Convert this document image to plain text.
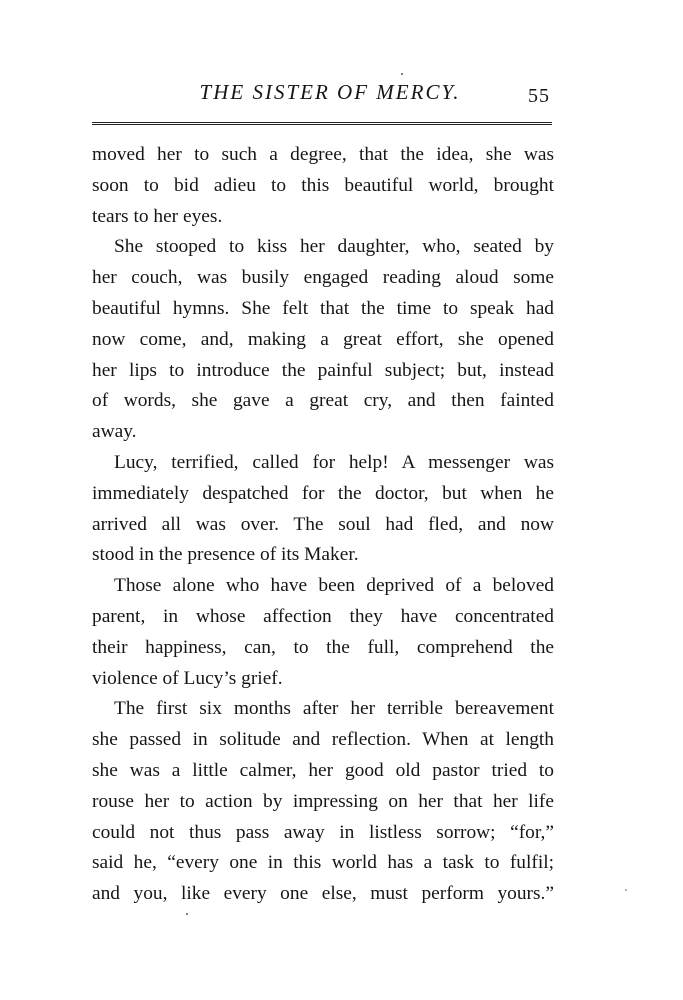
THE SISTER OF MERCY.	55

moved her to such a degree, that the idea, she was
soon to bid adieu to this beautiful world, brought
tears to her eyes.

She stooped to kiss her daughter, who, seated by
her couch, was busily engaged reading aloud some
beautiful hymns. She felt that the time to speak had
now come, and, making a great effort, she opened
her lips to introduce the painful subject; but, instead
of words, she gave a great cry, and then fainted
away.

Lucy, terrified, called for help! A messenger was
immediately despatched for the doctor, but when he
arrived all was over. The soul had fled, and now
stood in the presence of its Maker.

Those alone who have been deprived of a beloved
parent, in whose affection they have concentrated
their happiness, can, to the full, comprehend the
violence of Lucy’s grief.

The first six months after her terrible bereavement
she passed in solitude and reflection. When at length
she was a little calmer, her good old pastor tried to
rouse her to action by impressing on her that her life
could not thus pass away in listless sorrow; “for,”
said he, “every one in this world has a task to fulfil;
and you, like every one else, must perform yours.”
